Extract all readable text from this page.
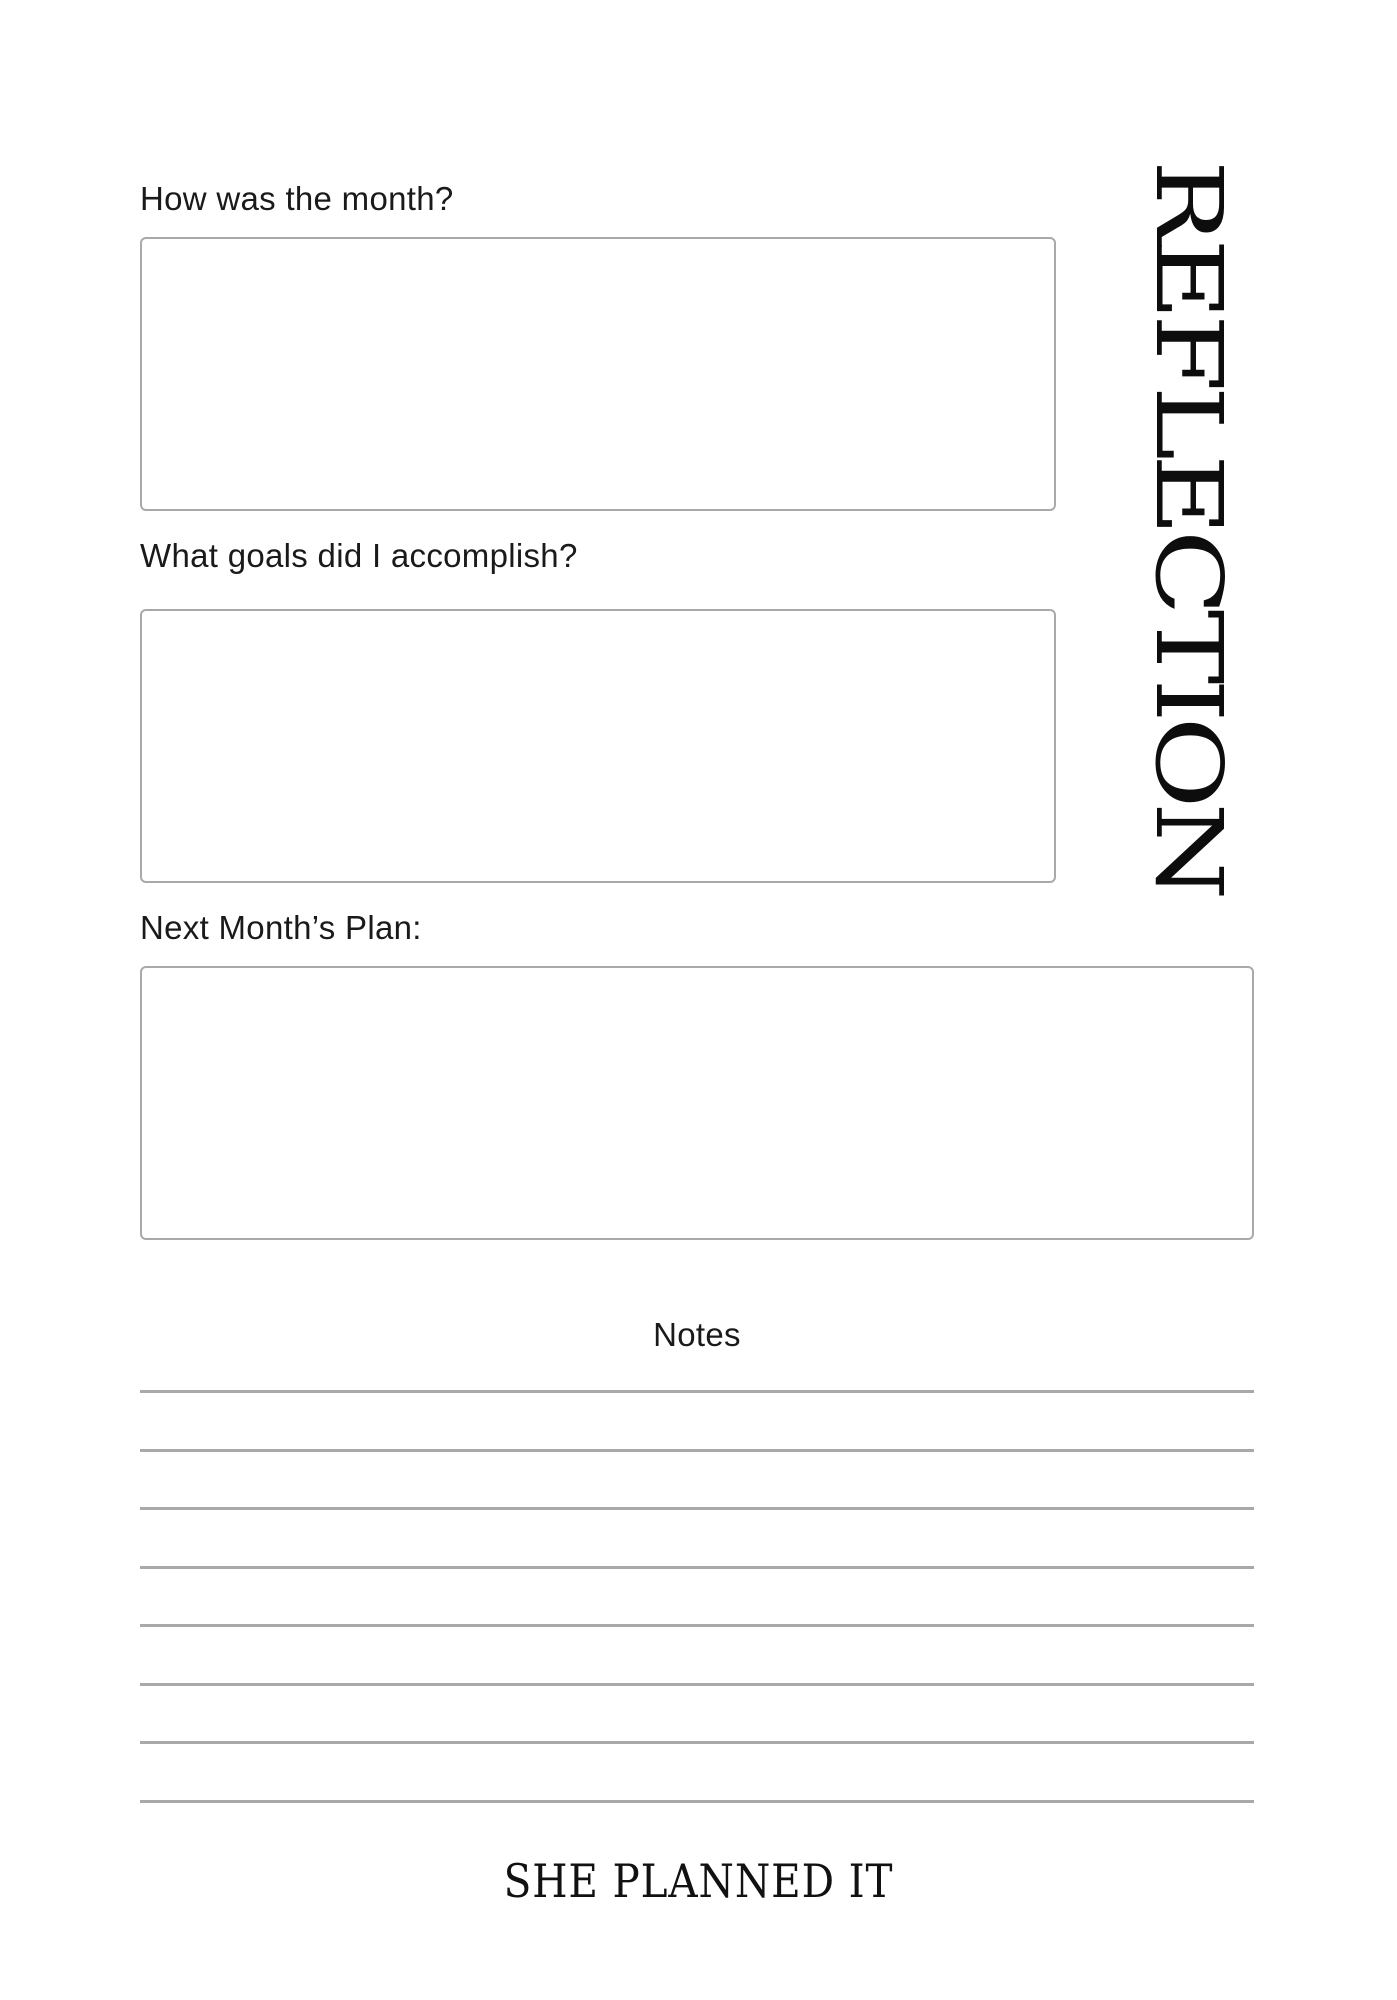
REFLECTION
How was the month?
What goals did I accomplish?
Next Month’s Plan:
Notes
SHE PLANNED IT
